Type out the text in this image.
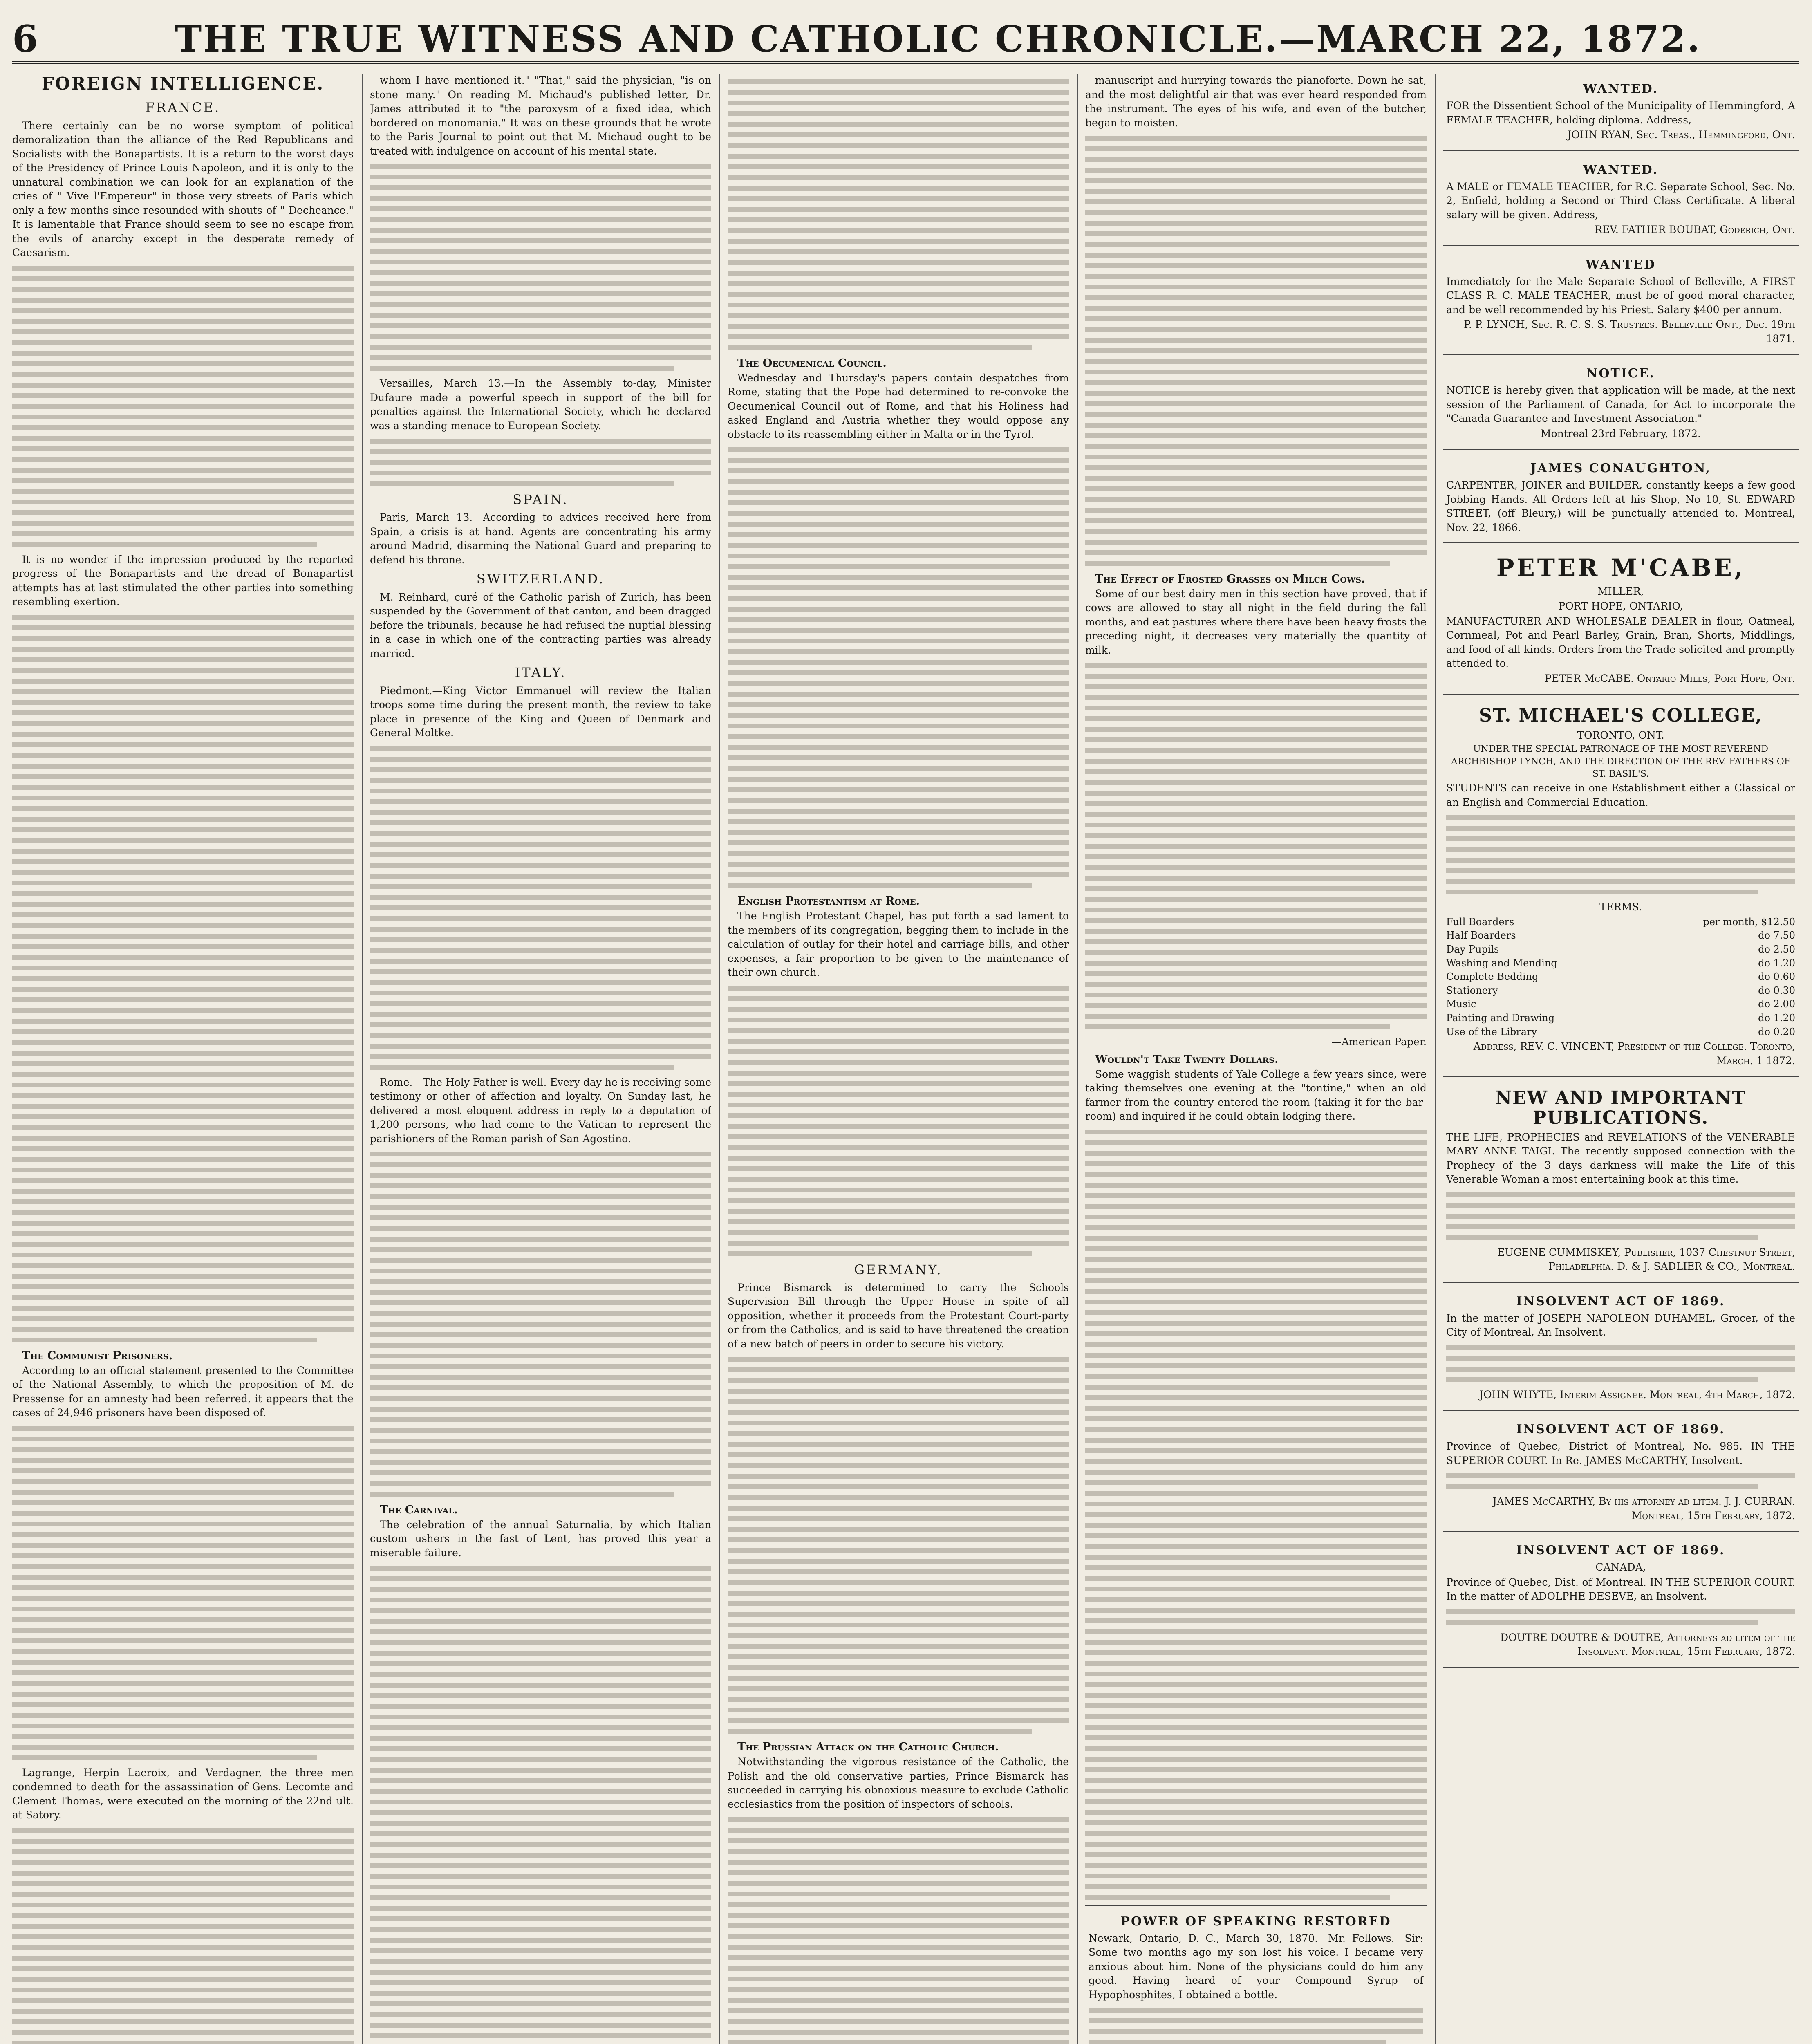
6	THE TRUE WITNESS AND CATHOLIC CHRONICLE.—MARCH 22, 1872.
FOREIGN INTELLIGENCE.
FRANCE.

There certainly can be no worse symptom of political demoralization than the alliance of the Red Republicans and Socialists with the Bonapartists. It is a return to the worst days of the Presidency of Prince Louis Napoleon, and it is only to the unnatural combination we can look for an explanation of the cries of " Vive l'Empereur" in those very streets of Paris which only a few months since resounded with shouts of " Decheance." It is lamentable that France should seem to see no escape from the evils of anarchy except in the desperate remedy of Caesarism.

It is no wonder if the impression produced by the reported progress of the Bonapartists and the dread of Bonapartist attempts has at last stimulated the other parties into something resembling exertion.

The Communist Prisoners.

According to an official statement presented to the Committee of the National Assembly, to which the proposition of M. de Pressense for an amnesty had been referred, it appears that the cases of 24,946 prisoners have been disposed of.

Lagrange, Herpin Lacroix, and Verdagner, the three men condemned to death for the assassination of Gens. Lecomte and Clement Thomas, were executed on the morning of the 22nd ult. at Satory.

whom I have mentioned it." "That," said the physician, "is on stone many." On reading M. Michaud's published letter, Dr. James attributed it to "the paroxysm of a fixed idea, which bordered on monomania." It was on these grounds that he wrote to the Paris Journal to point out that M. Michaud ought to be treated with indulgence on account of his mental state.

Versailles, March 13.—In the Assembly to-day, Minister Dufaure made a powerful speech in support of the bill for penalties against the International Society, which he declared was a standing menace to European Society.

SPAIN.

Paris, March 13.—According to advices received here from Spain, a crisis is at hand. Agents are concentrating his army around Madrid, disarming the National Guard and preparing to defend his throne.

SWITZERLAND.

M. Reinhard, curé of the Catholic parish of Zurich, has been suspended by the Government of that canton, and been dragged before the tribunals, because he had refused the nuptial blessing in a case in which one of the contracting parties was already married.

ITALY.

Piedmont.—King Victor Emmanuel will review the Italian troops some time during the present month, the review to take place in presence of the King and Queen of Denmark and General Moltke.

Rome.—The Holy Father is well. Every day he is receiving some testimony or other of affection and loyalty. On Sunday last, he delivered a most eloquent address in reply to a deputation of 1,200 persons, who had come to the Vatican to represent the parishioners of the Roman parish of San Agostino.

The Carnival.

The celebration of the annual Saturnalia, by which Italian custom ushers in the fast of Lent, has proved this year a miserable failure.

The Oecumenical Council.

Wednesday and Thursday's papers contain despatches from Rome, stating that the Pope had determined to re-convoke the Oecumenical Council out of Rome, and that his Holiness had asked England and Austria whether they would oppose any obstacle to its reassembling either in Malta or in the Tyrol.

English Protestantism at Rome.

The English Protestant Chapel, has put forth a sad lament to the members of its congregation, begging them to include in the calculation of outlay for their hotel and carriage bills, and other expenses, a fair proportion to be given to the maintenance of their own church.

GERMANY.

Prince Bismarck is determined to carry the Schools Supervision Bill through the Upper House in spite of all opposition, whether it proceeds from the Protestant Court-party or from the Catholics, and is said to have threatened the creation of a new batch of peers in order to secure his victory.

The Prussian Attack on the Catholic Church.

Notwithstanding the vigorous resistance of the Catholic, the Polish and the old conservative parties, Prince Bismarck has succeeded in carrying his obnoxious measure to exclude Catholic ecclesiastics from the position of inspectors of schools.

manuscript and hurrying towards the pianoforte. Down he sat, and the most delightful air that was ever heard responded from the instrument. The eyes of his wife, and even of the butcher, began to moisten.

The Effect of Frosted Grasses on Milch Cows.

Some of our best dairy men in this section have proved, that if cows are allowed to stay all night in the field during the fall months, and eat pastures where there have been heavy frosts the preceding night, it decreases very materially the quantity of milk.

—American Paper.

Wouldn't Take Twenty Dollars.

Some waggish students of Yale College a few years since, were taking themselves one evening at the "tontine," when an old farmer from the country entered the room (taking it for the bar-room) and inquired if he could obtain lodging there.

POWER OF SPEAKING RESTORED

Newark, Ontario, D. C., March 30, 1870.—Mr. Fellows.—Sir: Some two months ago my son lost his voice. I became very anxious about him. None of the physicians could do him any good. Having heard of your Compound Syrup of Hypophosphites, I obtained a bottle.

WANTED.

FOR the Dissentient School of the Municipality of Hemmingford, A FEMALE TEACHER, holding diploma. Address,

JOHN RYAN, Sec. Treas., Hemmingford, Ont.

WANTED.

A MALE or FEMALE TEACHER, for R.C. Separate School, Sec. No. 2, Enfield, holding a Second or Third Class Certificate. A liberal salary will be given. Address,

REV. FATHER BOUBAT, Goderich, Ont.

WANTED

Immediately for the Male Separate School of Belleville, A FIRST CLASS R. C. MALE TEACHER, must be of good moral character, and be well recommended by his Priest. Salary $400 per annum.

P. P. LYNCH, Sec. R. C. S. S. Trustees. Belleville Ont., Dec. 19th 1871.

NOTICE.

NOTICE is hereby given that application will be made, at the next session of the Parliament of Canada, for Act to incorporate the "Canada Guarantee and Investment Association."

Montreal 23rd February, 1872.

JAMES CONAUGHTON,

CARPENTER, JOINER and BUILDER, constantly keeps a few good Jobbing Hands. All Orders left at his Shop, No 10, St. EDWARD STREET, (off Bleury,) will be punctually attended to. Montreal, Nov. 22, 1866.

PETER M'CABE,

MILLER,

PORT HOPE, ONTARIO,

MANUFACTURER AND WHOLESALE DEALER in flour, Oatmeal, Cornmeal, Pot and Pearl Barley, Grain, Bran, Shorts, Middlings, and food of all kinds. Orders from the Trade solicited and promptly attended to.

PETER McCABE. Ontario Mills, Port Hope, Ont.

ST. MICHAEL'S COLLEGE,

TORONTO, ONT.

UNDER THE SPECIAL PATRONAGE OF THE MOST REVEREND ARCHBISHOP LYNCH, AND THE DIRECTION OF THE REV. FATHERS OF ST. BASIL'S.

STUDENTS can receive in one Establishment either a Classical or an English and Commercial Education.

TERMS.

Full Boarders	per month, $12.50
Half Boarders	do 7.50
Day Pupils	do 2.50
Washing and Mending	do 1.20
Complete Bedding	do 0.60
Stationery	do 0.30
Music	do 2.00
Painting and Drawing	do 1.20
Use of the Library	do 0.20

Address, REV. C. VINCENT, President of the College. Toronto, March. 1 1872.

NEW AND IMPORTANT PUBLICATIONS.

THE LIFE, PROPHECIES and REVELATIONS of the VENERABLE MARY ANNE TAIGI. The recently supposed connection with the Prophecy of the 3 days darkness will make the Life of this Venerable Woman a most entertaining book at this time.

EUGENE CUMMISKEY, Publisher, 1037 Chestnut Street, Philadelphia. D. & J. SADLIER & CO., Montreal.

INSOLVENT ACT OF 1869.

In the matter of JOSEPH NAPOLEON DUHAMEL, Grocer, of the City of Montreal, An Insolvent.

JOHN WHYTE, Interim Assignee. Montreal, 4th March, 1872.

INSOLVENT ACT OF 1869.

Province of Quebec, District of Montreal, No. 985. IN THE SUPERIOR COURT. In Re. JAMES McCARTHY, Insolvent.

JAMES McCARTHY, By his attorney ad litem. J. J. CURRAN. Montreal, 15th February, 1872.

INSOLVENT ACT OF 1869.

CANADA,

Province of Quebec, Dist. of Montreal. IN THE SUPERIOR COURT. In the matter of ADOLPHE DESEVE, an Insolvent.

DOUTRE DOUTRE & DOUTRE, Attorneys ad litem of the Insolvent. Montreal, 15th February, 1872.
